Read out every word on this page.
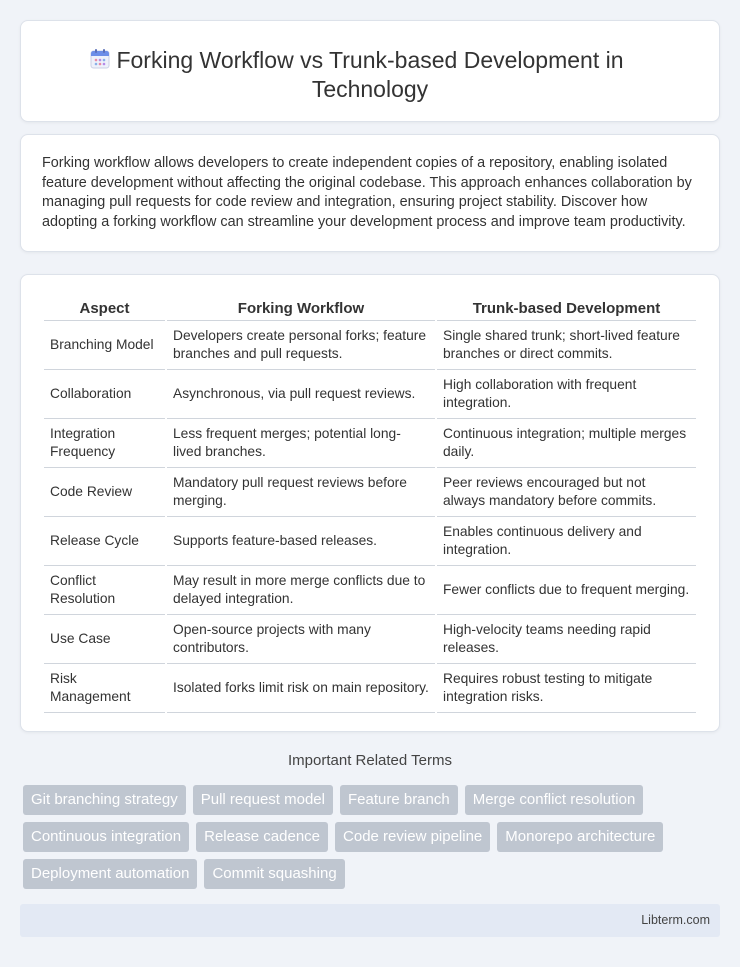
Forking Workflow vs Trunk-based Development in Technology

Forking workflow allows developers to create independent copies of a repository, enabling isolated feature development without affecting the original codebase. This approach enhances collaboration by managing pull requests for code review and integration, ensuring project stability. Discover how adopting a forking workflow can streamline your development process and improve team productivity.

Aspect	Forking Workflow	Trunk-based Development
Branching Model	Developers create personal forks; feature branches and pull requests.	Single shared trunk; short-lived feature branches or direct commits.
Collaboration	Asynchronous, via pull request reviews.	High collaboration with frequent integration.
Integration Frequency	Less frequent merges; potential long-lived branches.	Continuous integration; multiple merges daily.
Code Review	Mandatory pull request reviews before merging.	Peer reviews encouraged but not always mandatory before commits.
Release Cycle	Supports feature-based releases.	Enables continuous delivery and integration.
Conflict Resolution	May result in more merge conflicts due to delayed integration.	Fewer conflicts due to frequent merging.
Use Case	Open-source projects with many contributors.	High-velocity teams needing rapid releases.
Risk Management	Isolated forks limit risk on main repository.	Requires robust testing to mitigate integration risks.
Important Related Terms
Git branching strategy	Pull request model	Feature branch	Merge conflict resolution
Continuous integration	Release cadence	Code review pipeline	Monorepo architecture
Deployment automation	Commit squashing
Libterm.com
